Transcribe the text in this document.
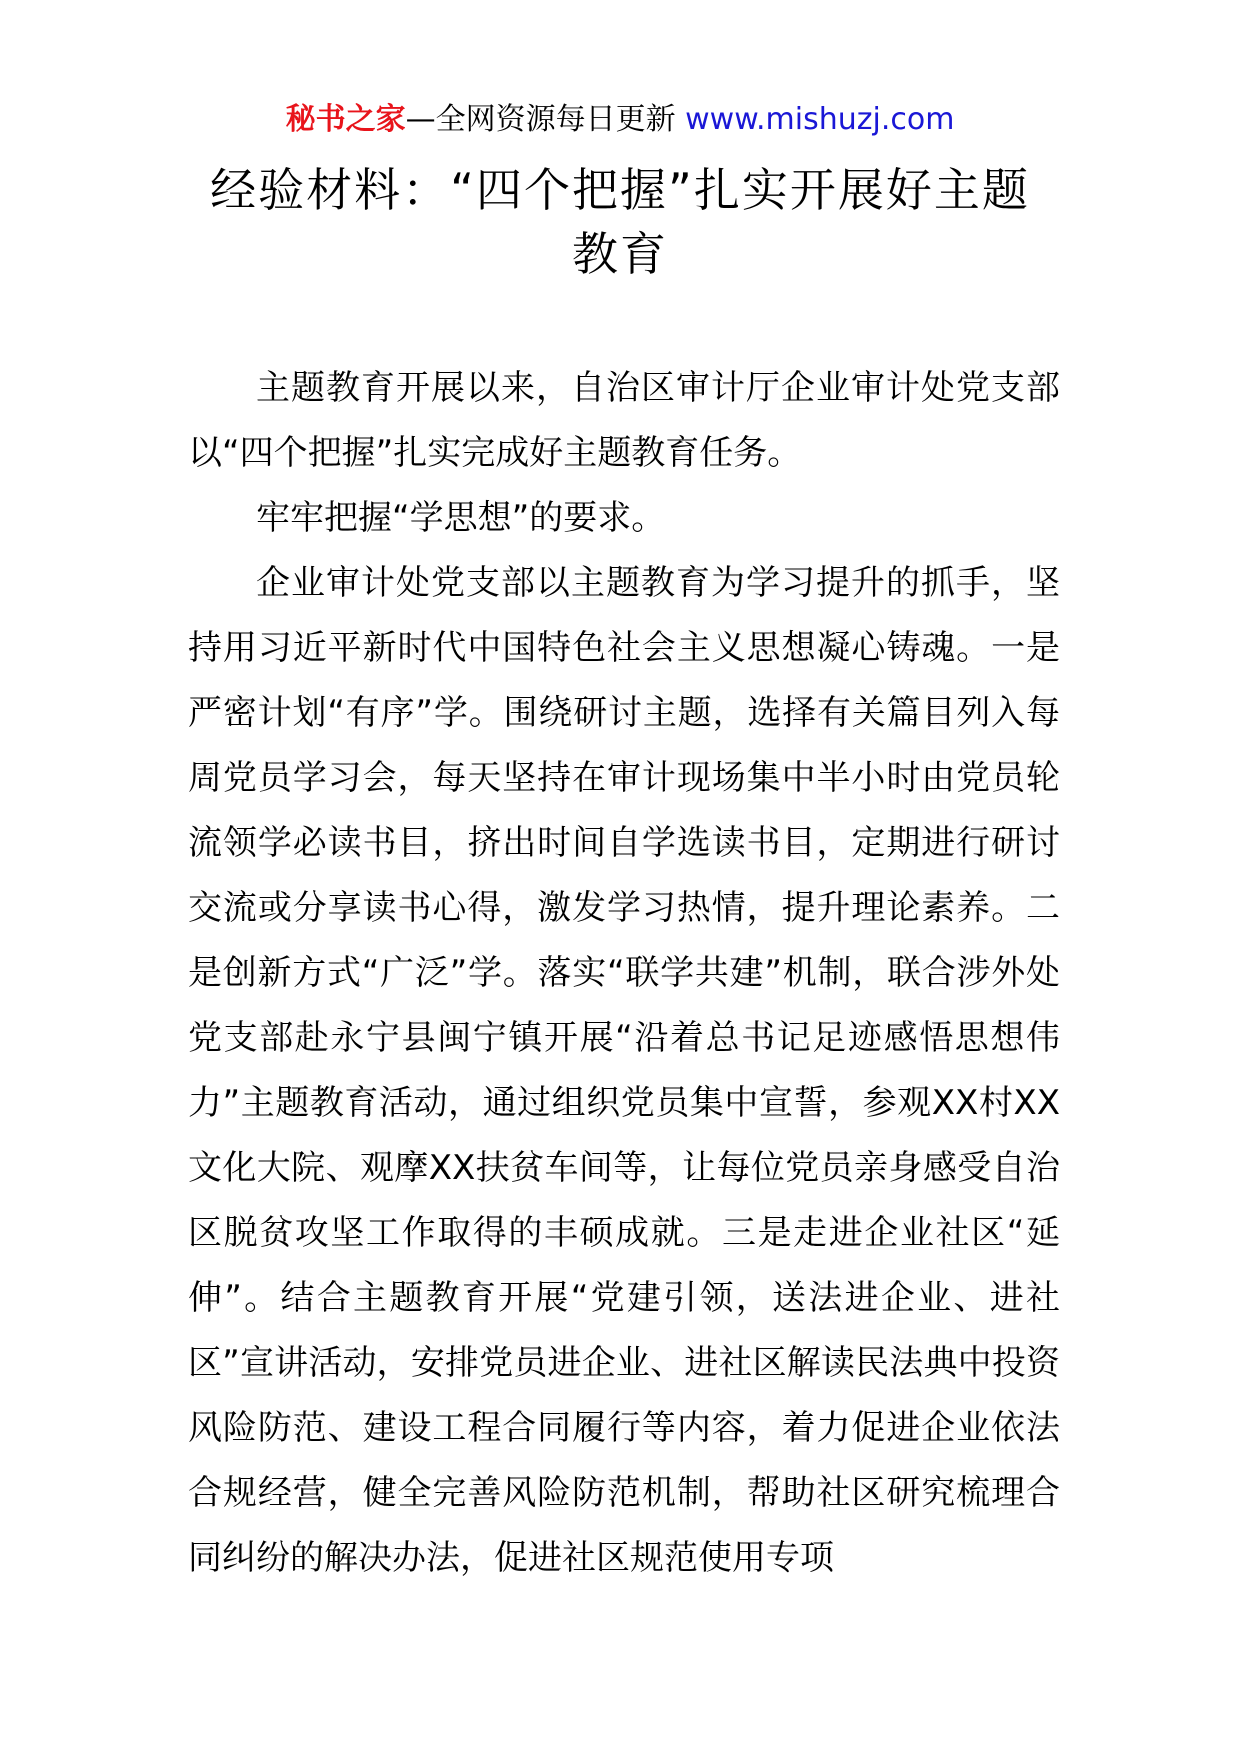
秘书之家—全网资源每日更新 www.mishuzj.com
经验材料：“四个把握”扎实开展好主题
教育

主题教育开展以来，自治区审计厅企业审计处党支部以“四个把握”扎实完成好主题教育任务。

牢牢把握“学思想”的要求。

企业审计处党支部以主题教育为学习提升的抓手，坚持用习近平新时代中国特色社会主义思想凝心铸魂。一是严密计划“有序”学。围绕研讨主题，选择有关篇目列入每周党员学习会，每天坚持在审计现场集中半小时由党员轮流领学必读书目，挤出时间自学选读书目，定期进行研讨交流或分享读书心得，激发学习热情，提升理论素养。二是创新方式“广泛”学。落实“联学共建”机制，联合涉外处党支部赴永宁县闽宁镇开展“沿着总书记足迹感悟思想伟力”主题教育活动，通过组织党员集中宣誓，参观XX村XX文化大院、观摩XX扶贫车间等，让每位党员亲身感受自治区脱贫攻坚工作取得的丰硕成就。三是走进企业社区“延伸”。结合主题教育开展“党建引领，送法进企业、进社区”宣讲活动，安排党员进企业、进社区解读民法典中投资风险防范、建设工程合同履行等内容，着力促进企业依法合规经营，健全完善风险防范机制，帮助社区研究梳理合同纠纷的解决办法，促进社区规范使用专项
